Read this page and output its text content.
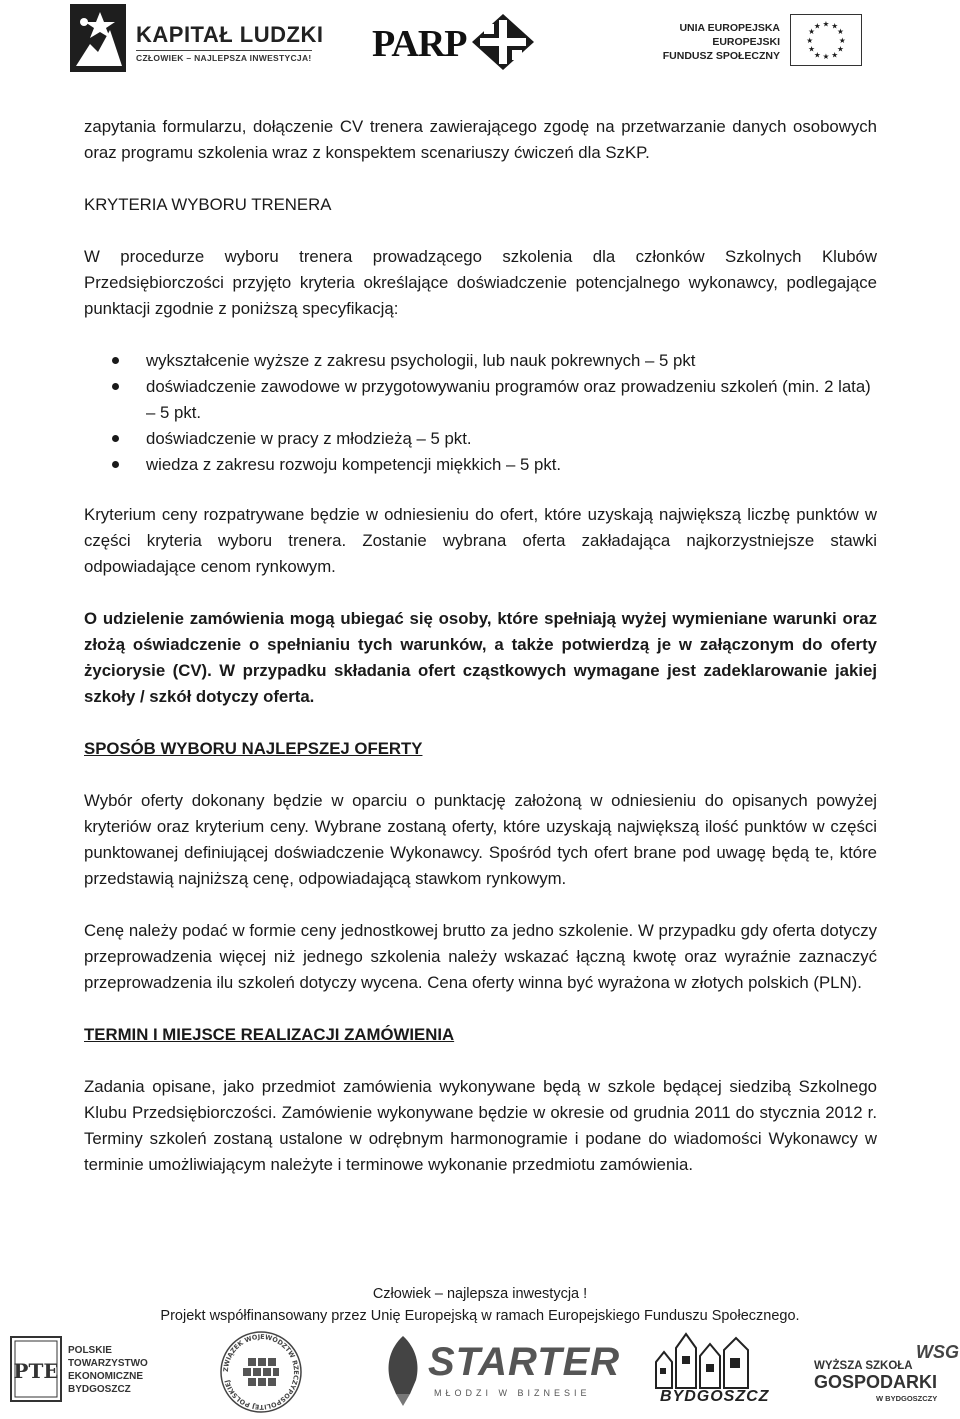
KAPITAŁ LUDZKI
CZŁOWIEK – NAJLEPSZA INWESTYCJA! PARP	UNIA EUROPEJSKA
EUROPEJSKI
FUNDUSZ SPOŁECZNY
★ ★
★
★
★
★
★
★
★
★
★
★

zapytania formularzu, dołączenie CV trenera zawierającego zgodę na przetwarzanie danych osobowych oraz programu szkolenia wraz z konspektem scenariuszy ćwiczeń dla SzKP.

KRYTERIA WYBORU TRENERA

W procedurze wyboru trenera prowadzącego szkolenia dla członków Szkolnych Klubów Przedsiębiorczości przyjęto kryteria określające doświadczenie potencjalnego wykonawcy, podlegające punktacji zgodnie z poniższą specyfikacją:

wykształcenie wyższe z zakresu psychologii, lub nauk pokrewnych – 5 pkt
doświadczenie zawodowe w przygotowywaniu programów oraz prowadzeniu szkoleń (min. 2 lata) – 5 pkt.
doświadczenie w pracy z młodzieżą – 5 pkt.
wiedza z zakresu rozwoju kompetencji miękkich – 5 pkt.

Kryterium ceny rozpatrywane będzie w odniesieniu do ofert, które uzyskają największą liczbę punktów w części kryteria wyboru trenera. Zostanie wybrana oferta zakładająca najkorzystniejsze stawki odpowiadające cenom rynkowym.

O udzielenie zamówienia mogą ubiegać się osoby, które spełniają wyżej wymieniane warunki oraz złożą oświadczenie o spełnianiu tych warunków, a także potwierdzą je w załączonym do oferty życiorysie (CV). W przypadku składania ofert cząstkowych wymagane jest zadeklarowanie jakiej szkoły / szkół dotyczy oferta.

SPOSÓB WYBORU NAJLEPSZEJ OFERTY

Wybór oferty dokonany będzie w oparciu o punktację założoną w odniesieniu do opisanych powyżej kryteriów oraz kryterium ceny. Wybrane zostaną oferty, które uzyskają największą ilość punktów w części punktowanej definiującej doświadczenie Wykonawcy. Spośród tych ofert brane pod uwagę będą te, które przedstawią najniższą cenę, odpowiadającą stawkom rynkowym.

Cenę należy podać w formie ceny jednostkowej brutto za jedno szkolenie. W przypadku gdy oferta dotyczy przeprowadzenia więcej niż jednego szkolenia należy wskazać łączną kwotę oraz wyraźnie zaznaczyć przeprowadzenia ilu szkoleń dotyczy wycena. Cena oferty winna być wyrażona w złotych polskich (PLN).

TERMIN I MIEJSCE REALIZACJI ZAMÓWIENIA

Zadania opisane, jako przedmiot zamówienia wykonywane będą w szkole będącej siedzibą Szkolnego Klubu Przedsiębiorczości. Zamówienie wykonywane będzie w okresie od grudnia 2011 do stycznia 2012 r. Terminy szkoleń zostaną ustalone w odrębnym harmonogramie i podane do wiadomości Wykonawcy w terminie umożliwiającym należyte i terminowe wykonanie przedmiotu zamówienia.

Człowiek – najlepsza inwestycja !
Projekt współfinansowany przez Unię Europejską w ramach Europejskiego Funduszu Społecznego.
PTE
POLSKIE
TOWARZYSTWO
EKONOMICZNE
BYDGOSZCZ
ZWIĄZEK WOJEWÓDZTW RZECZYPOSPOLITEJ POLSKIEJ	STARTER
MŁODZI W BIZNESIE	BYDGOSZCZ
WYŻSZA SZKOŁA
GOSPODARKI
W BYDGOSZCZY
WSG
